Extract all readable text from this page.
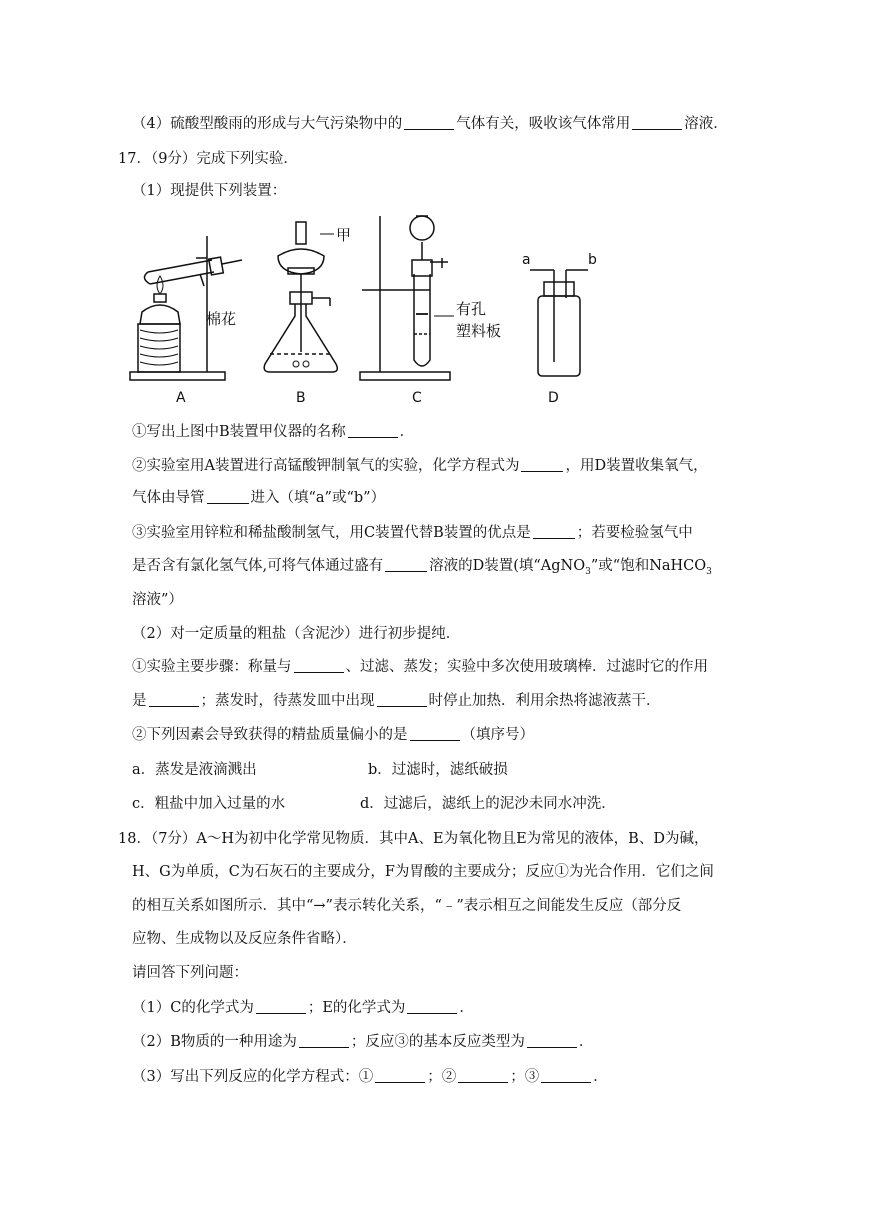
（4）硫酸型酸雨的形成与大气污染物中的	气体有关，吸收该气体常用	溶液．
17．（9分）完成下列实验．
（1）现提供下列装置：
棉花
甲
有孔
塑料板
a	b
A	B	C	D
①写出上图中B装置甲仪器的名称	．
②实验室用A装置进行高锰酸钾制氧气的实验，化学方程式为	，用D装置收集氧气，
气体由导管	进入（填“a”或“b”）
③实验室用锌粒和稀盐酸制氢气，用C装置代替B装置的优点是	；若要检验氢气中
是否含有氯化氢气体,可将气体通过盛有	溶液的D装置(填“AgNO$_3$”或“饱和NaHCO$_3$
溶液”）
（2）对一定质量的粗盐（含泥沙）进行初步提纯．
①实验主要步骤：称量与	、过滤、蒸发；实验中多次使用玻璃棒．过滤时它的作用
是	；蒸发时，待蒸发皿中出现	时停止加热．利用余热将滤液蒸干．
②下列因素会导致获得的精盐质量偏小的是	（填序号）
a．蒸发是液滴溅出	b．过滤时，滤纸破损
c．粗盐中加入过量的水	d．过滤后，滤纸上的泥沙未同水冲洗．
18．（7分）A～H为初中化学常见物质．其中A、E为氧化物且E为常见的液体，B、D为碱，
H、G为单质，C为石灰石的主要成分，F为胃酸的主要成分；反应①为光合作用．它们之间
的相互关系如图所示．其中“→”表示转化关系，“﹣”表示相互之间能发生反应（部分反
应物、生成物以及反应条件省略）．
请回答下列问题：
（1）C的化学式为	；E的化学式为	．
（2）B物质的一种用途为	；反应③的基本反应类型为	．
（3）写出下列反应的化学方程式：①	；②	；③	．
